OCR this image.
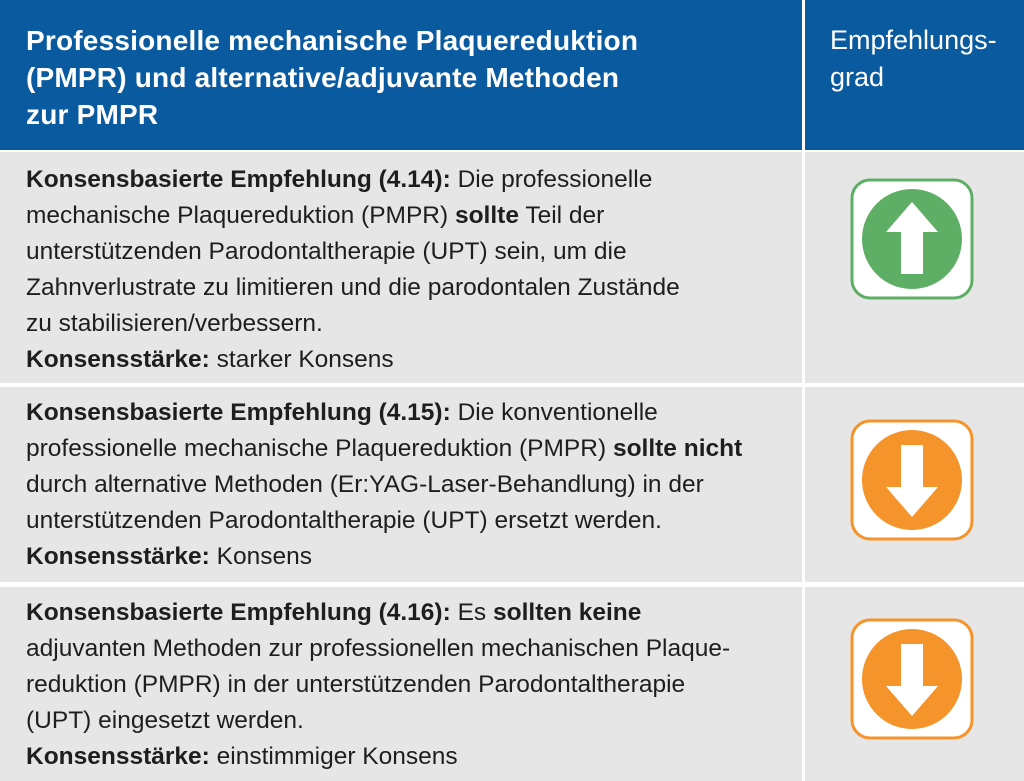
Professionelle mechanische Plaquereduktion
(PMPR) und alternative/adjuvante Methoden
zur PMPR
Empfehlungs-
grad
Konsensbasierte Empfehlung (4.14): Die professionelle
mechanische Plaquereduktion (PMPR) sollte Teil der
unterstützenden Parodontaltherapie (UPT) sein, um die
Zahnverlustrate zu limitieren und die parodontalen Zustände
zu stabilisieren/verbessern.
Konsensstärke: starker Konsens
Konsensbasierte Empfehlung (4.15): Die konventionelle
professionelle mechanische Plaquereduktion (PMPR) sollte nicht
durch alternative Methoden (Er:YAG-Laser-Behandlung) in der
unterstützenden Parodontaltherapie (UPT) ersetzt werden.
Konsensstärke: Konsens
Konsensbasierte Empfehlung (4.16): Es sollten keine
adjuvanten Methoden zur professionellen mechanischen Plaque-
reduktion (PMPR) in der unterstützenden Parodontaltherapie
(UPT) eingesetzt werden.
Konsensstärke: einstimmiger Konsens
